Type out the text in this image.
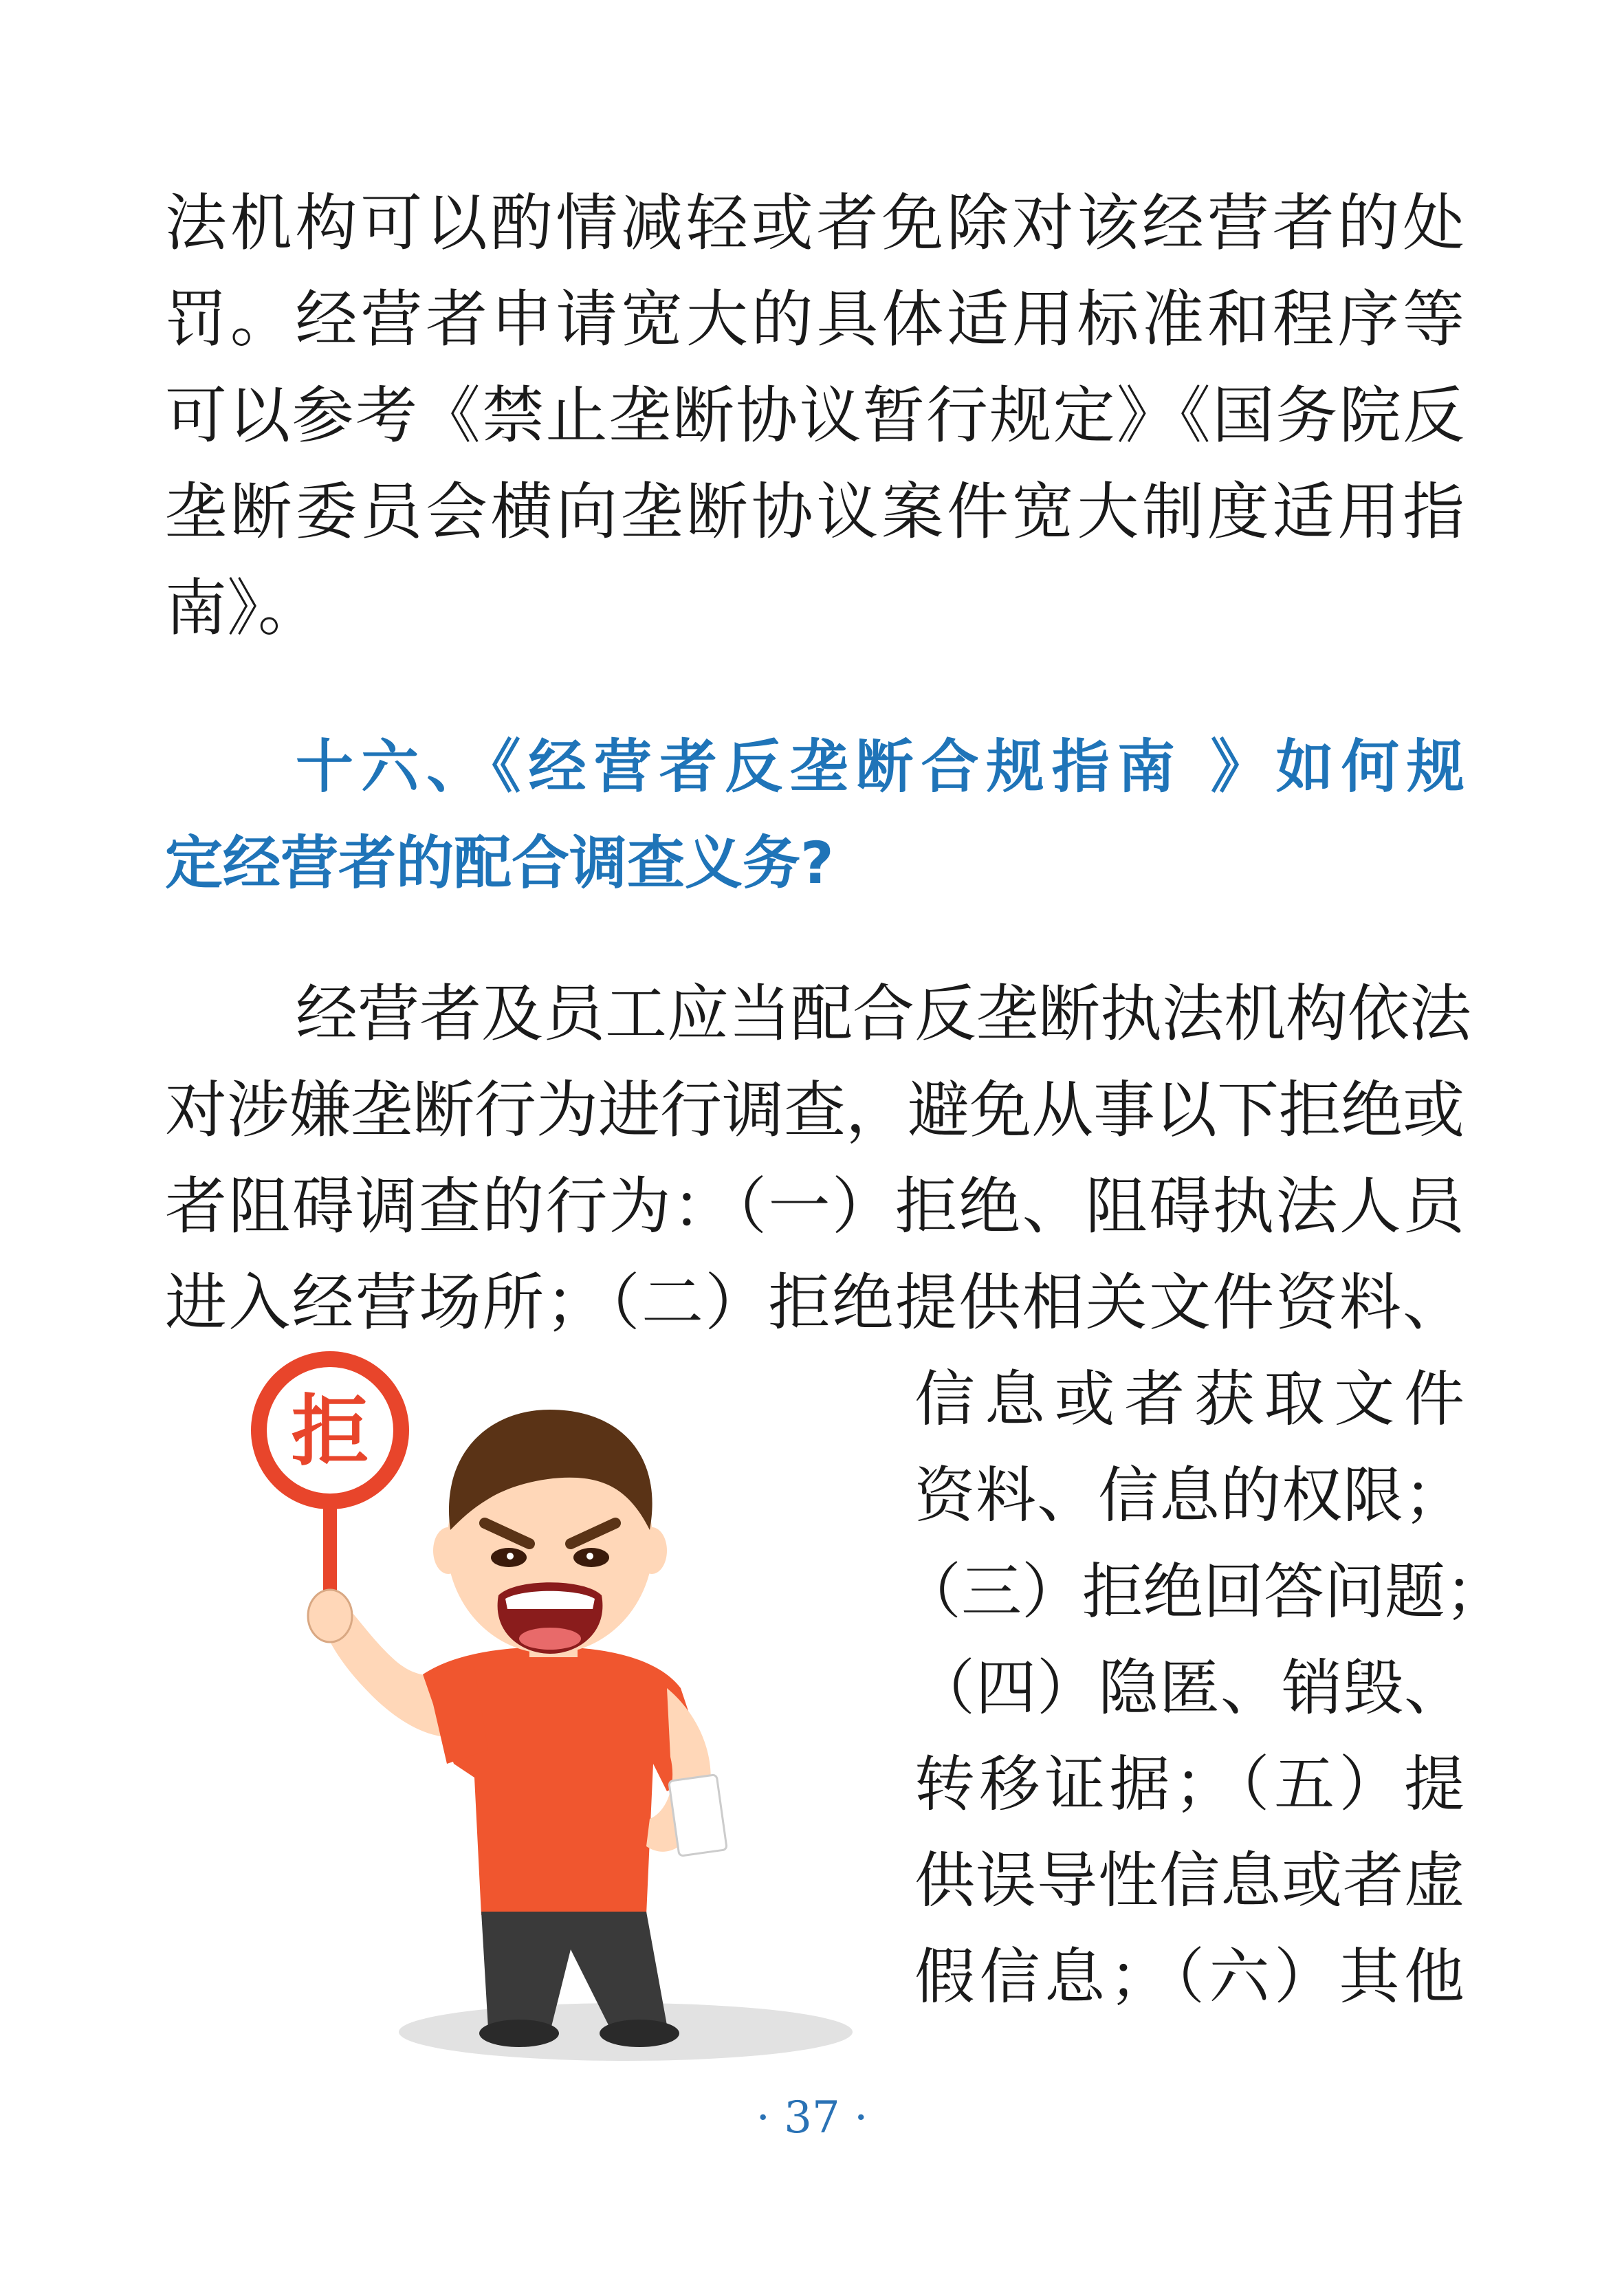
法机构可以酌情减轻或者免除对该经营者的处
罚。经营者申请宽大的具体适用标准和程序等
可以参考《禁止垄断协议暂行规定》《国务院反
垄断委员会横向垄断协议案件宽大制度适用指
南》。
十六、《经营者反垄断合规指南 》如何规
定经营者的配合调查义务?
经营者及员工应当配合反垄断执法机构依法
对涉嫌垄断行为进行调查，避免从事以下拒绝或
者阻碍调查的行为：（一）拒绝、阻碍执法人员
进入经营场所；（二）拒绝提供相关文件资料、
信息或者获取文件
资料、信息的权限；
（三）拒绝回答问题；
（四）隐匿、销毁、
转移证据；（五）提
供误导性信息或者虚
假信息；（六）其他
拒
· 37 ·
